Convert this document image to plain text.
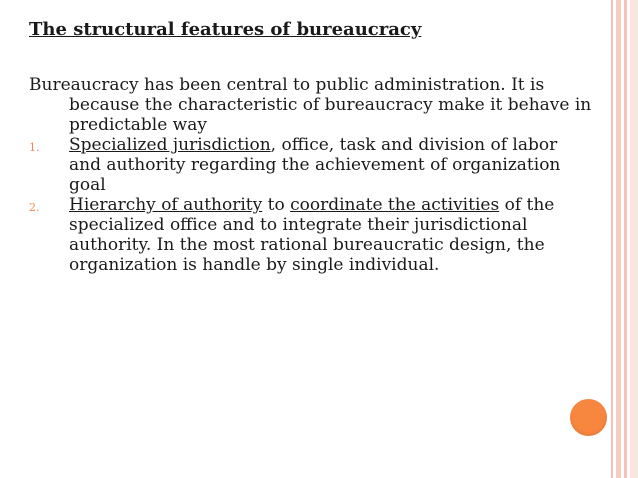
The structural features of bureaucracy

Bureaucracy has been central to public administration. It is because the characteristic of bureaucracy make it behave in predictable way

1. Specialized jurisdiction, office, task and division of labor and authority regarding the achievement of organization goal
2. Hierarchy of authority to coordinate the activities of the specialized office and to integrate their jurisdictional authority. In the most rational bureaucratic design, the organization is handle by single individual.
